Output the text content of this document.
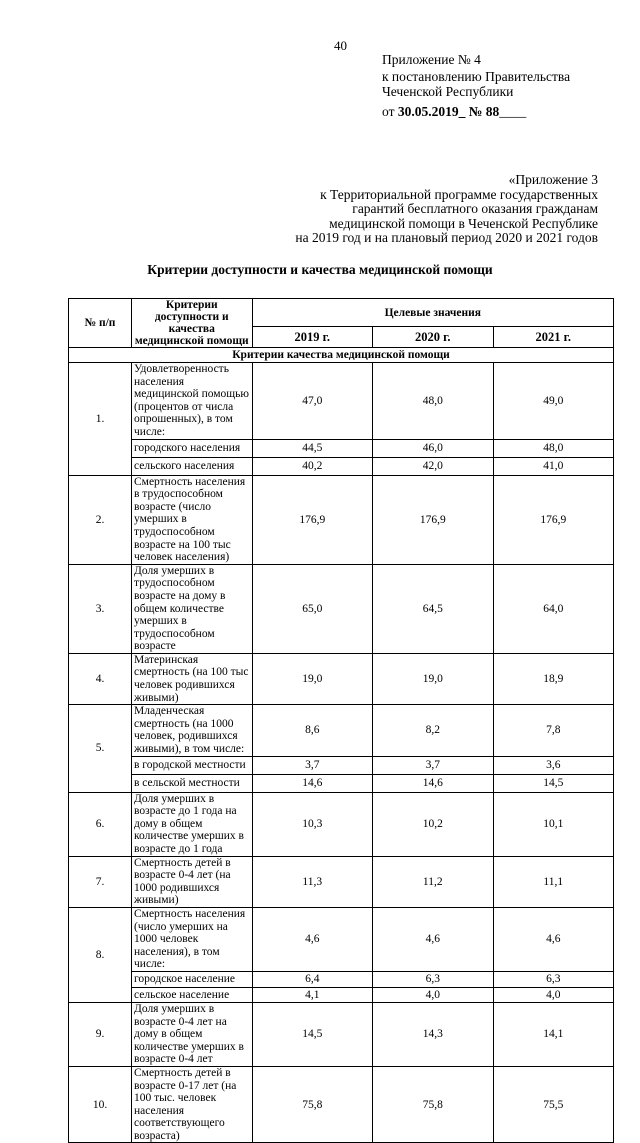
40
Приложение № 4
к постановлению Правительства
Чеченской Республики
от 30.05.2019_ № 88____
«Приложение 3
к Территориальной программе государственных
гарантий бесплатного оказания гражданам
медицинской помощи в Чеченской Республике
на 2019 год и на плановый период 2020 и 2021 годов
Критерии доступности и качества медицинской помощи
№ п/п	Критерии доступности и качества медицинской помощи	Целевые значения		
		2019 г.	2020 г.	2021 г.
Критерии качества медицинской помощи				
1.	Удовлетворенность населения медицинской помощью (процентов от числа опрошенных), в том числе:	47,0	48,0	49,0
	городского населения	44,5	46,0	48,0
	сельского населения	40,2	42,0	41,0
2.	Смертность населения в трудоспособном возрасте (число умерших в трудоспособном возрасте на 100 тыс человек населения)	176,9	176,9	176,9
3.	Доля умерших в трудоспособном возрасте на дому в общем количестве умерших в трудоспособном возрасте	65,0	64,5	64,0
4.	Материнская смертность (на 100 тыс человек родившихся живыми)	19,0	19,0	18,9
5.	Младенческая смертность (на 1000 человек, родившихся живыми), в том числе:	8,6	8,2	7,8
	в городской местности	3,7	3,7	3,6
	в сельской местности	14,6	14,6	14,5
6.	Доля умерших в возрасте до 1 года на дому в общем количестве умерших в возрасте до 1 года	10,3	10,2	10,1
7.	Смертность детей в возрасте 0-4 лет (на 1000 родившихся живыми)	11,3	11,2	11,1
8.	Смертность населения (число умерших на 1000 человек населения), в том числе:	4,6	4,6	4,6
	городское население	6,4	6,3	6,3
	сельское население	4,1	4,0	4,0
9.	Доля умерших в возрасте 0-4 лет на дому в общем количестве умерших в возрасте 0-4 лет	14,5	14,3	14,1
10.	Смертность детей в возрасте 0-17 лет (на 100 тыс. человек населения соответствующего возраста)	75,8	75,8	75,5
